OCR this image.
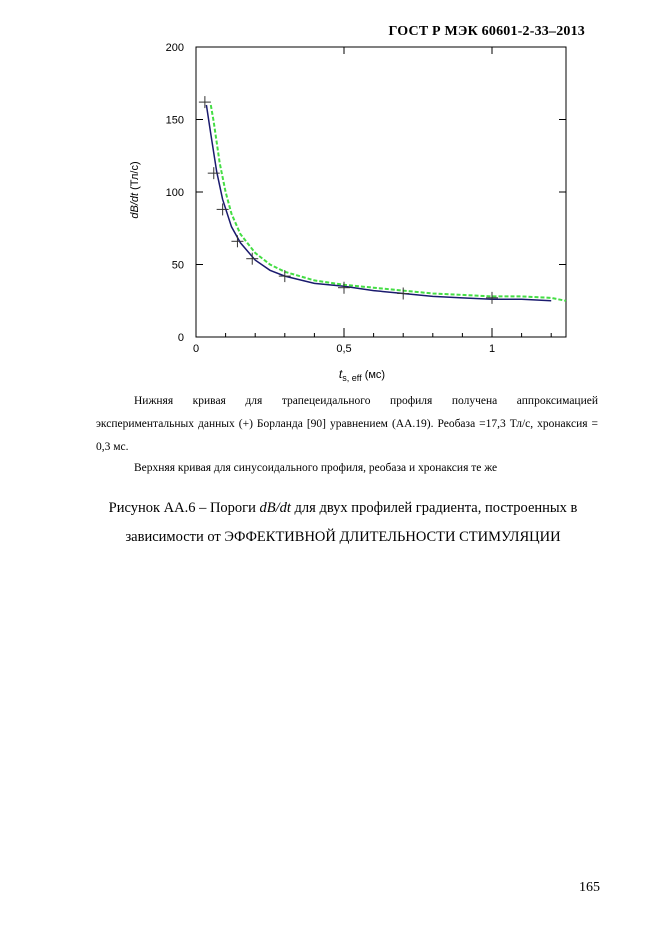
ГОСТ Р МЭК 60601-2-33–2013
0	0,5	1
0
50
100
150
200
dB/dt (Тл/с)
$t_{s, eff}$ (мс)

Нижняя кривая для трапецеидального профиля получена аппроксимацией экспериментальных данных (+) Борланда [90] уравнением (АА.19). Реобаза =17,3 Тл/с, хронаксия = 0,3 мс.

Верхняя кривая для синусоидального профиля, реобаза и хронаксия те же

Рисунок АА.6 – Пороги dB/dt для двух профилей градиента, построенных в зависимости от ЭФФЕКТИВНОЙ ДЛИТЕЛЬНОСТИ СТИМУЛЯЦИИ
165
